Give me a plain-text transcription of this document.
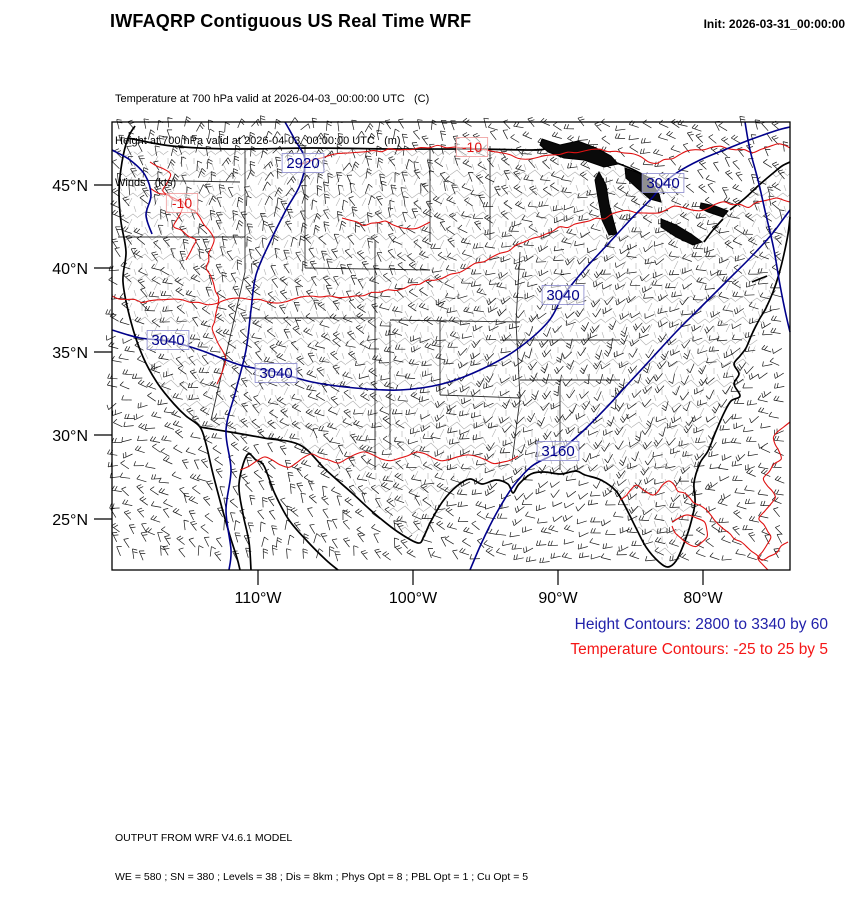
2920
-10
-10
3040
3040
3040
3040
3160
45°N
40°N
35°N
30°N
25°N
110°W	100°W	90°W	80°W
IWFAQRP Contiguous US Real Time WRF	Init: 2026-03-31_00:00:00

Temperature at 700 hPa valid at 2026-04-03_00:00:00 UTC   (C)

Height at 700 hPa valid at 2026-04-03_00:00:00 UTC   (m)

Winds   (kts)

Height Contours: 2800 to 3340 by 60
Temperature Contours: -25 to 25 by 5

OUTPUT FROM WRF V4.6.1 MODEL

WE = 580 ; SN = 380 ; Levels = 38 ; Dis = 8km ; Phys Opt = 8 ; PBL Opt = 1 ; Cu Opt = 5
